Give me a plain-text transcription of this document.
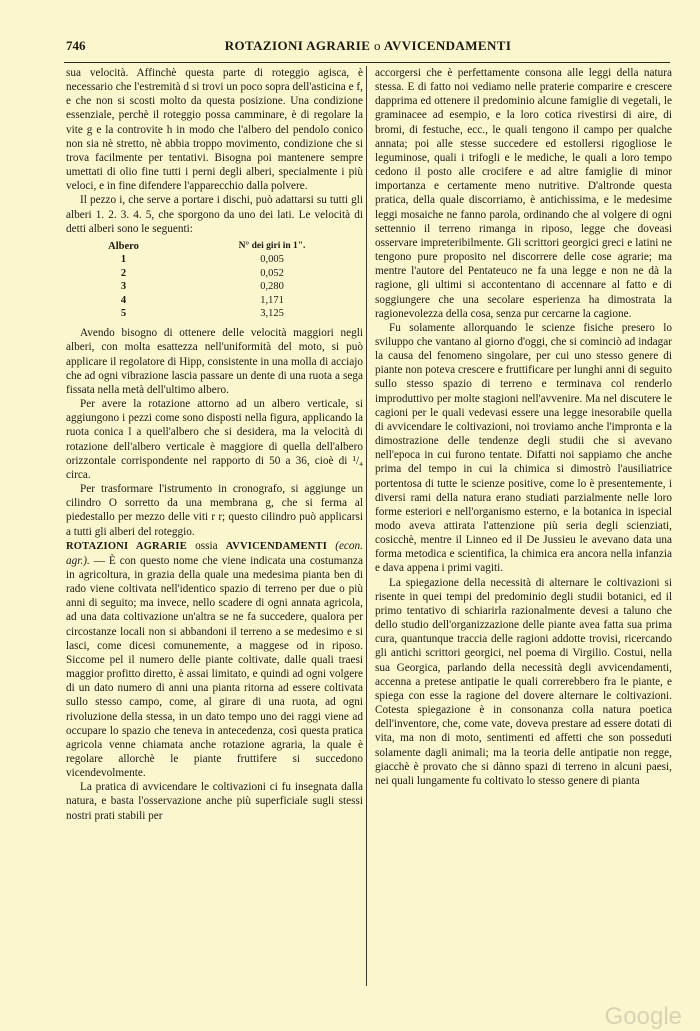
746	ROTAZIONI AGRARIE o AVVICENDAMENTI

sua velocità. Affinchè questa parte di roteggio agisca, è necessario che l'estremità d si trovi un poco sopra dell'asticina e f, e che non si scosti molto da questa posizione. Una condizione essenziale, perchè il roteggio possa camminare, è di regolare la vite g e la controvite h in modo che l'albero del pendolo conico non sia nè stretto, nè abbia troppo movimento, condizione che si trova facilmente per tentativi. Bisogna poi mantenere sempre umettati di olio fine tutti i perni degli alberi, specialmente i più veloci, e in fine difendere l'apparecchio dalla polvere.

Il pezzo i, che serve a portare i dischi, può adattarsi su tutti gli alberi 1. 2. 3. 4. 5, che sporgono da uno dei lati. Le velocità di detti alberi sono le seguenti:

Albero	N° dei giri in 1".
1	0,005
2	0,052
3	0,280
4	1,171
5	3,125

Avendo bisogno di ottenere delle velocità maggiori negli alberi, con molta esattezza nell'uniformità del moto, si può applicare il regolatore di Hipp, consistente in una molla di acciajo che ad ogni vibrazione lascia passare un dente di una ruota a sega fissata nella metà dell'ultimo albero.

Per avere la rotazione attorno ad un albero verticale, si aggiungono i pezzi come sono disposti nella figura, applicando la ruota conica l a quell'albero che si desidera, ma la velocità di rotazione dell'albero verticale è maggiore di quella dell'albero orizzontale corrispondente nel rapporto di 50 a 36, cioè di ¹/₄ circa.

Per trasformare l'istrumento in cronografo, si aggiunge un cilindro O sorretto da una membrana g, che si ferma al piedestallo per mezzo delle viti r r; questo cilindro può applicarsi a tutti gli alberi del roteggio.

ROTAZIONI AGRARIE ossia AVVICENDAMENTI (econ. agr.). — È con questo nome che viene indicata una costumanza in agricoltura, in grazia della quale una medesima pianta ben di rado viene coltivata nell'identico spazio di terreno per due o più anni di seguito; ma invece, nello scadere di ogni annata agricola, ad una data coltivazione un'altra se ne fa succedere, qualora per circostanze locali non si abbandoni il terreno a se medesimo e si lasci, come dicesi comunemente, a maggese od in riposo. Siccome pel il numero delle piante coltivate, dalle quali traesi maggior profitto diretto, è assai limitato, e quindi ad ogni volgere di un dato numero di anni una pianta ritorna ad essere coltivata sullo stesso campo, come, al girare di una ruota, ad ogni rivoluzione della stessa, in un dato tempo uno dei raggi viene ad occupare lo spazio che teneva in antecedenza, così questa pratica agricola venne chiamata anche rotazione agraria, la quale è regolare allorchè le piante fruttifere si succedono vicendevolmente.

La pratica di avvicendare le coltivazioni ci fu insegnata dalla natura, e basta l'osservazione anche più superficiale sugli stessi nostri prati stabili per

accorgersi che è perfettamente consona alle leggi della natura stessa. E di fatto noi vediamo nelle praterie comparire e crescere dapprima ed ottenere il predominio alcune famiglie di vegetali, le graminacee ad esempio, e la loro cotica rivestirsi di aire, di bromi, di festuche, ecc., le quali tengono il campo per qualche annata; poi alle stesse succedere ed estollersi rigogliose le leguminose, quali i trifogli e le mediche, le quali a loro tempo cedono il posto alle crocifere e ad altre famiglie di minor importanza e certamente meno nutritive. D'altronde questa pratica, della quale discorriamo, è antichissima, e le medesime leggi mosaiche ne fanno parola, ordinando che al volgere di ogni settennio il terreno rimanga in riposo, legge che doveasi osservare impreteribilmente. Gli scrittori georgici greci e latini ne tengono pure proposito nel discorrere delle cose agrarie; ma mentre l'autore del Pentateuco ne fa una legge e non ne dà la ragione, gli ultimi si accontentano di accennare al fatto e di soggiungere che una secolare esperienza ha dimostrata la ragionevolezza della cosa, senza pur cercarne la cagione.

Fu solamente allorquando le scienze fisiche presero lo sviluppo che vantano al giorno d'oggi, che si cominciò ad indagar la causa del fenomeno singolare, per cui uno stesso genere di piante non poteva crescere e fruttificare per lunghi anni di seguito sullo stesso spazio di terreno e terminava col renderlo improduttivo per molte stagioni nell'avvenire. Ma nel discutere le cagioni per le quali vedevasi essere una legge inesorabile quella di avvicendare le coltivazioni, noi troviamo anche l'impronta e la dimostrazione delle tendenze degli studii che si avevano nell'epoca in cui furono tentate. Difatti noi sappiamo che anche prima del tempo in cui la chimica si dimostrò l'ausiliatrice portentosa di tutte le scienze positive, come lo è presentemente, i diversi rami della natura erano studiati parzialmente nelle loro forme esteriori e nell'organismo esterno, e la botanica in ispecial modo aveva attirata l'attenzione più seria degli scienziati, cosicchè, mentre il Linneo ed il De Jussieu le avevano data una forma metodica e scientifica, la chimica era ancora nella infanzia e dava appena i primi vagiti.

La spiegazione della necessità di alternare le coltivazioni si risente in quei tempi del predominio degli studii botanici, ed il primo tentativo di schiarirla razionalmente devesi a taluno che dello studio dell'organizzazione delle piante avea fatta sua prima cura, quantunque traccia delle ragioni addotte trovisi, ricercando gli antichi scrittori georgici, nel poema di Virgilio. Costui, nella sua Georgica, parlando della necessità degli avvicendamenti, accenna a pretese antipatie le quali correrebbero fra le piante, e spiega con esse la ragione del dovere alternare le coltivazioni. Cotesta spiegazione è in consonanza colla natura poetica dell'inventore, che, come vate, doveva prestare ad essere dotati di vita, ma non di moto, sentimenti ed affetti che son posseduti solamente dagli animali; ma la teoria delle antipatie non regge, giacchè è provato che si dànno spazi di terreno in alcuni paesi, nei quali lungamente fu coltivato lo stesso genere di pianta

Google
